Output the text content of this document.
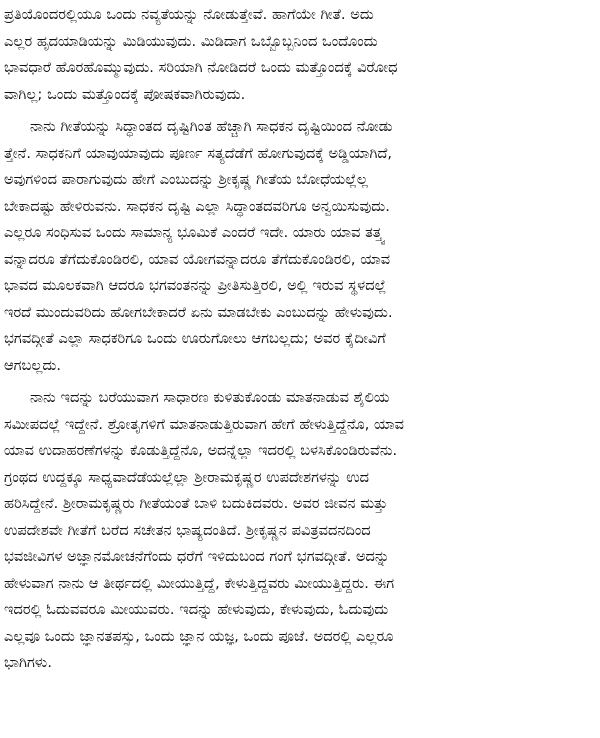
ಪ್ರತಿಯೊಂದರಲ್ಲಿಯೂ ಒಂದು ನವ್ಯತೆಯನ್ನು ನೋಡುತ್ತೇವೆ. ಹಾಗೆಯೇ ಗೀತೆ. ಅದು
ಎಲ್ಲರ ಹೃದಯಾಡಿಯನ್ನು ಮಿಡಿಯುವುದು. ಮಿಡಿದಾಗ ಒಬ್ಬೊಬ್ಬನಿಂದ ಒಂದೊಂದು
ಭಾವಧಾರೆ ಹೊರಹೊಮ್ಮುವುದು. ಸರಿಯಾಗಿ ನೋಡಿದರೆ ಒಂದು ಮತ್ತೊಂದಕ್ಕೆ ವಿರೋಧ
ವಾಗಿಲ್ಲ; ಒಂದು ಮತ್ತೊಂದಕ್ಕೆ ಪೋಷಕವಾಗಿರುವುದು.
ನಾನು ಗೀತೆಯನ್ನು ಸಿದ್ಧಾಂತದ ದೃಷ್ಟಿಗಿಂತ ಹೆಚ್ಚಾಗಿ ಸಾಧಕನ ದೃಷ್ಟಿಯಿಂದ ನೋಡು
ತ್ತೇನೆ. ಸಾಧಕನಿಗೆ ಯಾವುಯಾವುದು ಪೂರ್ಣ ಸತ್ಯದೆಡೆಗೆ ಹೋಗುವುದಕ್ಕೆ ಅಡ್ಡಿಯಾಗಿದೆ,
ಅವುಗಳಿಂದ ಪಾರಾಗುವುದು ಹೇಗೆ ಎಂಬುದನ್ನು ಶ್ರೀಕೃಷ್ಣ ಗೀತೆಯ ಬೋಧೆಯಲ್ಲೆಲ್ಲ
ಬೇಕಾದಷ್ಟು ಹೇಳಿರುವನು. ಸಾಧಕನ ದೃಷ್ಟಿ ಎಲ್ಲಾ ಸಿದ್ಧಾಂತದವರಿಗೂ ಅನ್ವಯಿಸುವುದು.
ಎಲ್ಲರೂ ಸಂಧಿಸುವ ಒಂದು ಸಾಮಾನ್ಯ ಭೂಮಿಕೆ ಎಂದರೆ ಇದೇ. ಯಾರು ಯಾವ ತತ್ತ್ವ
ವನ್ನಾದರೂ ತೆಗೆದುಕೊಂಡಿರಲಿ, ಯಾವ ಯೋಗವನ್ನಾದರೂ ತೆಗೆದುಕೊಂಡಿರಲಿ, ಯಾವ
ಭಾವದ ಮೂಲಕವಾಗಿ ಆದರೂ ಭಗವಂತನನ್ನು ಪ್ರೀತಿಸುತ್ತಿರಲಿ, ಅಲ್ಲಿ ಇರುವ ಸ್ಥಳದಲ್ಲೆ
ಇರದೆ ಮುಂದುವರಿದು ಹೋಗಬೇಕಾದರೆ ಏನು ಮಾಡಬೇಕು ಎಂಬುದನ್ನು ಹೇಳುವುದು.
ಭಗವದ್ಗೀತೆ ಎಲ್ಲಾ ಸಾಧಕರಿಗೂ ಒಂದು ಊರುಗೋಲು ಆಗಬಲ್ಲದು; ಅವರ ಕೈದೀವಿಗೆ
ಆಗಬಲ್ಲದು.
ನಾನು ಇದನ್ನು ಬರೆಯುವಾಗ ಸಾಧಾರಣ ಕುಳಿತುಕೊಂಡು ಮಾತನಾಡುವ ಶೈಲಿಯ
ಸಮೀಪದಲ್ಲೆ ಇದ್ದೇನೆ. ಶ್ರೋತೃಗಳಿಗೆ ಮಾತನಾಡುತ್ತಿರುವಾಗ ಹೇಗೆ ಹೇಳುತ್ತಿದ್ದೆನೊ, ಯಾವ
ಯಾವ ಉದಾಹರಣೆಗಳನ್ನು ಕೊಡುತ್ತಿದ್ದೆನೊ, ಅದನ್ನೆಲ್ಲಾ ಇದರಲ್ಲಿ ಬಳಸಿಕೊಂಡಿರುವೆನು.
ಗ್ರಂಥದ ಉದ್ದಕ್ಕೂ ಸಾಧ್ಯವಾದೆಡೆಯಲ್ಲೆಲ್ಲಾ ಶ್ರೀರಾಮಕೃಷ್ಣರ ಉಪದೇಶಗಳನ್ನು ಉದ
ಹರಿಸಿದ್ದೇನೆ. ಶ್ರೀರಾಮಕೃಷ್ಣರು ಗೀತೆಯಂತೆ ಬಾಳಿ ಬದುಕಿದವರು. ಅವರ ಜೀವನ ಮತ್ತು
ಉಪದೇಶವೇ ಗೀತೆಗೆ ಬರೆದ ಸಚೇತನ ಭಾಷ್ಯದಂತಿದೆ. ಶ್ರೀಕೃಷ್ಣನ ಪವಿತ್ರವದನದಿಂದ
ಭವಜೀವಿಗಳ ಅಜ್ಞಾನಮೋಚನೆಗೆಂದು ಧರೆಗೆ ಇಳಿದುಬಂದ ಗಂಗೆ ಭಗವದ್ಗೀತೆ. ಅದನ್ನು
ಹೇಳುವಾಗ ನಾನು ಆ ತೀರ್ಥದಲ್ಲಿ ಮೀಯುತ್ತಿದ್ದೆ, ಕೇಳುತ್ತಿದ್ದವರು ಮೀಯುತ್ತಿದ್ದರು. ಈಗ
ಇದರಲ್ಲಿ ಓದುವವರೂ ಮೀಯುವರು. ಇದನ್ನು ಹೇಳುವುದು, ಕೇಳುವುದು, ಓದುವುದು
ಎಲ್ಲವೂ ಒಂದು ಜ್ಞಾನತಪಸ್ಸು, ಒಂದು ಜ್ಞಾನ ಯಜ್ಞ, ಒಂದು ಪೂಜೆ. ಅದರಲ್ಲಿ ಎಲ್ಲರೂ
ಭಾಗಿಗಳು.
